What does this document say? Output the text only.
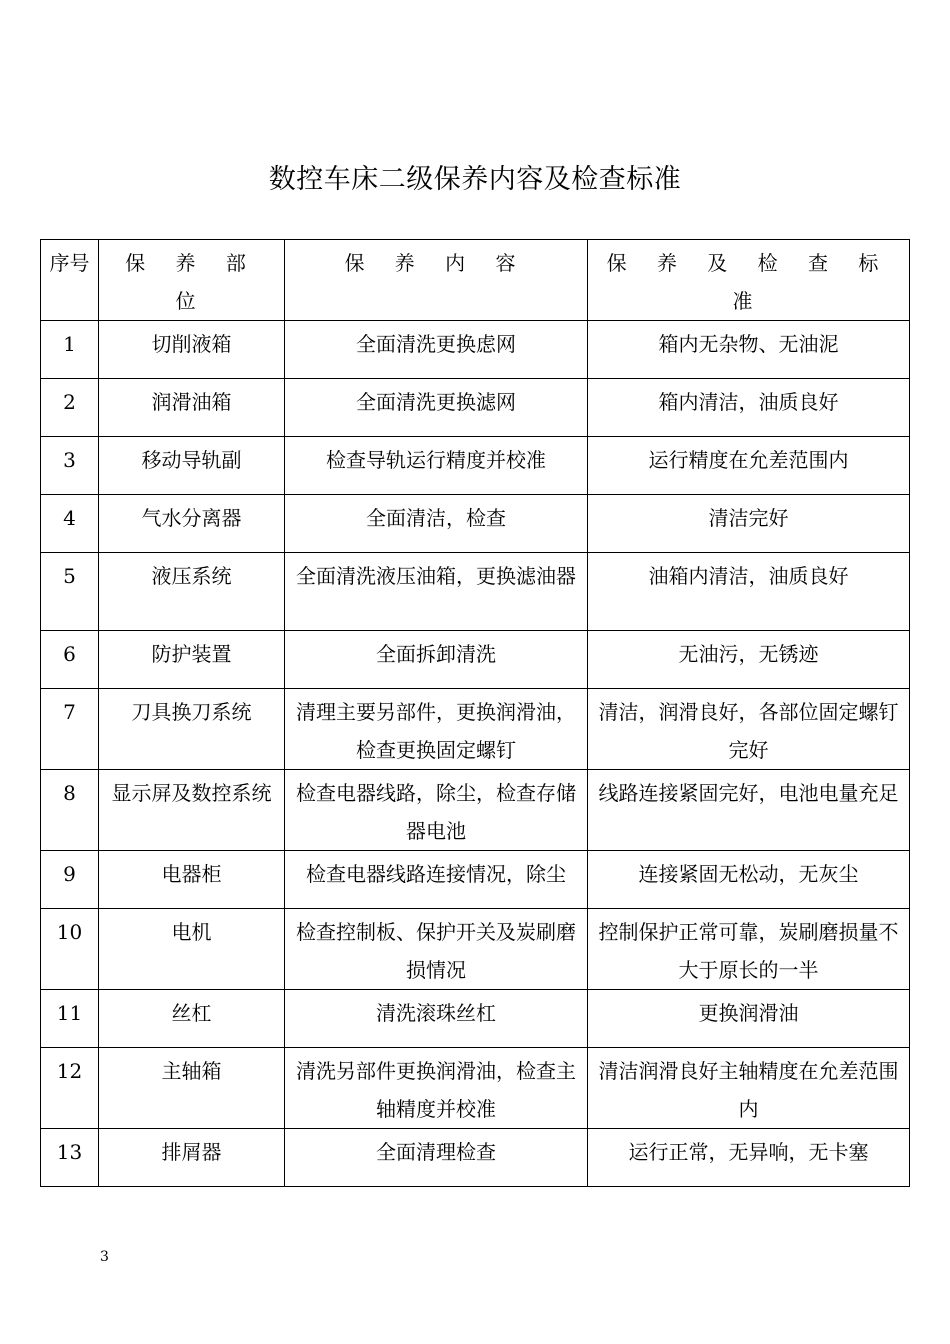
数控车床二级保养内容及检查标准
序号	保 养 部 位	保 养 内 容	保 养 及 检 查 标 准
1	切削液箱	全面清洗更换虑网	箱内无杂物、无油泥
2	润滑油箱	全面清洗更换滤网	箱内清洁，油质良好
3	移动导轨副	检查导轨运行精度并校准	运行精度在允差范围内
4	气水分离器	全面清洁，检查	清洁完好
5	液压系统	全面清洗液压油箱，更换滤油器	油箱内清洁，油质良好
6	防护装置	全面拆卸清洗	无油污，无锈迹
7	刀具换刀系统	清理主要另部件，更换润滑油，检查更换固定螺钉	清洁，润滑良好，各部位固定螺钉完好
8	显示屏及数控系统	检查电器线路，除尘，检查存储器电池	线路连接紧固完好，电池电量充足
9	电器柜	检查电器线路连接情况，除尘	连接紧固无松动，无灰尘
10	电机	检查控制板、保护开关及炭刷磨损情况	控制保护正常可靠，炭刷磨损量不大于原长的一半
11	丝杠	清洗滚珠丝杠	更换润滑油
12	主轴箱	清洗另部件更换润滑油，检查主轴精度并校准	清洁润滑良好主轴精度在允差范围内
13	排屑器	全面清理检查	运行正常，无异响，无卡塞
3
